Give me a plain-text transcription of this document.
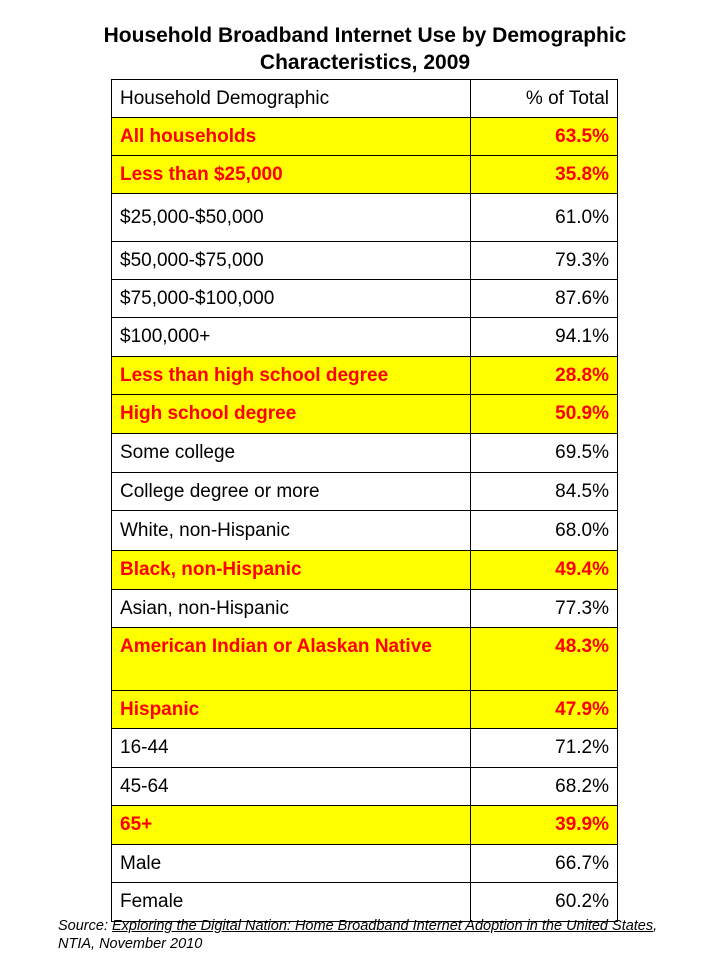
Household Broadband Internet Use by Demographic
Characteristics, 2009
Household Demographic	% of Total
All households	63.5%
Less than $25,000	35.8%
$25,000-$50,000	61.0%
$50,000-$75,000	79.3%
$75,000-$100,000	87.6%
$100,000+	94.1%
Less than high school degree	28.8%
High school degree	50.9%
Some college	69.5%
College degree or more	84.5%
White, non-Hispanic	68.0%
Black, non-Hispanic	49.4%
Asian, non-Hispanic	77.3%
American Indian or Alaskan Native	48.3%
Hispanic	47.9%
16-44	71.2%
45-64	68.2%
65+	39.9%
Male	66.7%
Female	60.2%
Source: Exploring the Digital Nation: Home Broadband Internet Adoption in the United States, NTIA, November 2010
